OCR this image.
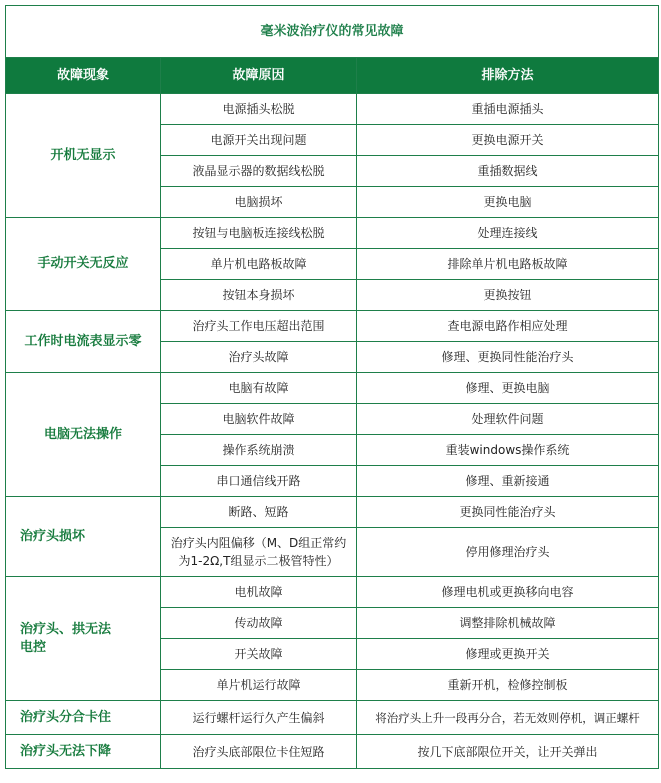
毫米波治疗仪的常见故障		
故障现象	故障原因	排除方法
开机无显示	电源插头松脱	重插电源插头
	电源开关出现问题	更换电源开关
	液晶显示器的数据线松脱	重插数据线
	电脑损坏	更换电脑
手动开关无反应	按钮与电脑板连接线松脱	处理连接线
	单片机电路板故障	排除单片机电路板故障
	按钮本身损坏	更换按钮
工作时电流表显示零	治疗头工作电压超出范围	查电源电路作相应处理
	治疗头故障	修理、更换同性能治疗头
电脑无法操作	电脑有故障	修理、更换电脑
	电脑软件故障	处理软件问题
	操作系统崩溃	重装windows操作系统
	串口通信线开路	修理、重新接通
治疗头损坏	断路、短路	更换同性能治疗头
	治疗头内阻偏移（M、D组正常约为1-2Ω,T组显示二极管特性）	停用修理治疗头
治疗头、拱无法电控	电机故障	修理电机或更换移向电容
	传动故障	调整排除机械故障
	开关故障	修理或更换开关
	单片机运行故障	重新开机，检修控制板
治疗头分合卡住	运行螺杆运行久产生偏斜	将治疗头上升一段再分合，若无效则停机，调正螺杆
治疗头无法下降	治疗头底部限位卡住短路	按几下底部限位开关，让开关弹出
